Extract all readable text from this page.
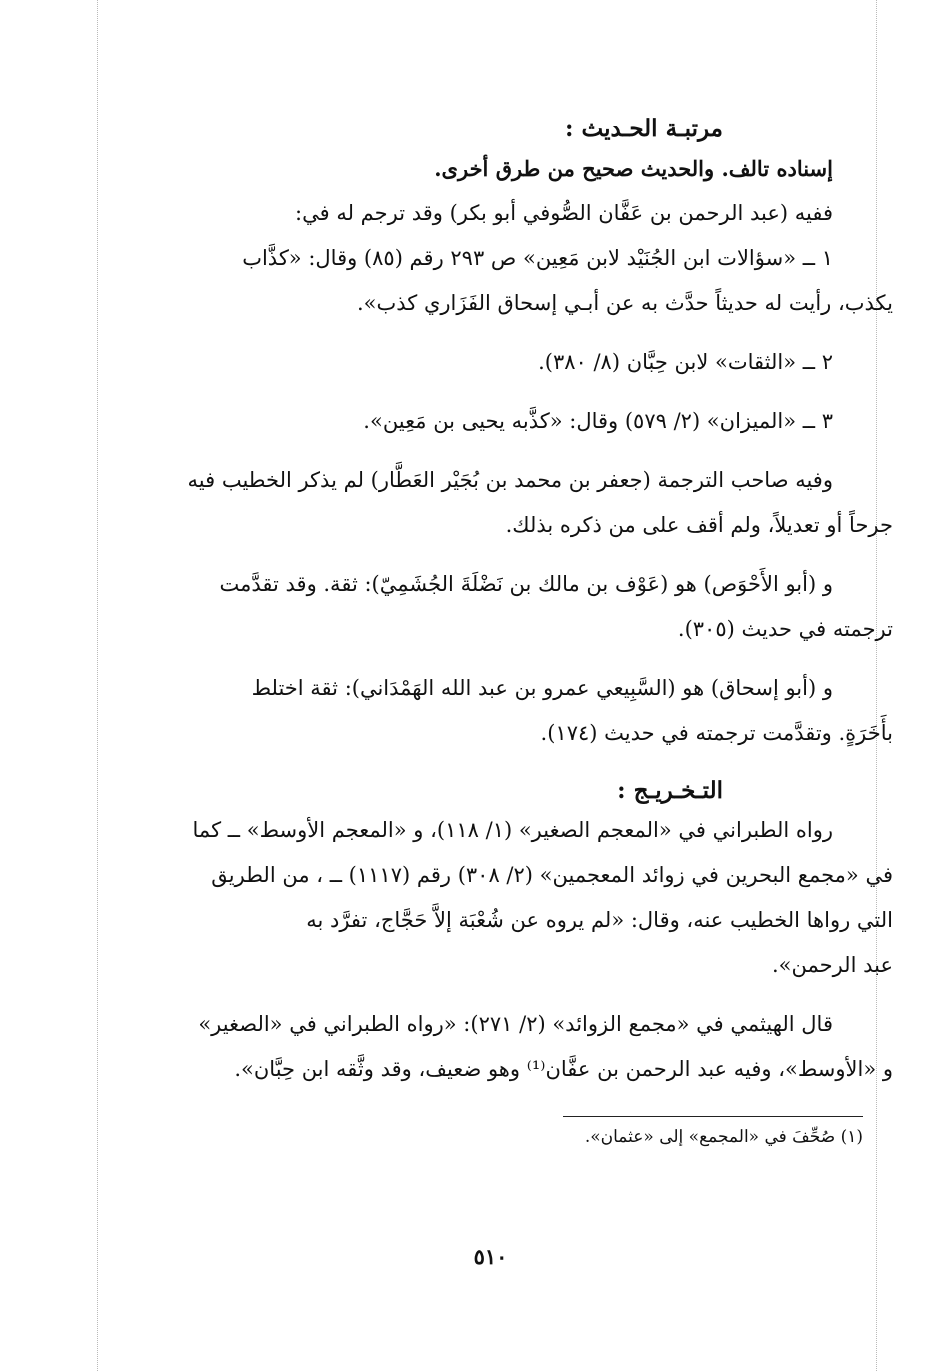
مرتبـة الحـديث :

إسناده تالف. والحديث صحيح من طرق أخرى.

ففيه (عبد الرحمن بن عَفَّان الصُّوفي أبو بكر) وقد ترجم له في:

١ ــ «سؤالات ابن الجُنَيْد لابن مَعِين» ص ٢٩٣ رقم (٨٥) وقال: «كذَّاب
يكذب، رأيت له حديثاً حدَّث به عن أبـي إسحاق الفَزَاري كذب».

٢ ــ «الثقات» لابن حِبَّان (٨/ ٣٨٠).

٣ ــ «الميزان» (٢/ ٥٧٩) وقال: «كذَّبه يحيى بن مَعِين».

وفيه صاحب الترجمة (جعفر بن محمد بن بُجَيْر العَطَّار) لم يذكر الخطيب فيه
جرحاً أو تعديلاً، ولم أقف على من ذكره بذلك.

و (أبو الأَحْوَص) هو (عَوْف بن مالك بن نَضْلَةَ الجُشَمِيّ): ثقة. وقد تقدَّمت
ترجمته في حديث (٣٠٥).

و (أبو إسحاق) هو (السَّبِيعي عمرو بن عبد الله الهَمْدَاني): ثقة اختلط
بأَخَرَةٍ. وتقدَّمت ترجمته في حديث (١٧٤).

التـخـريـج :

رواه الطبراني في «المعجم الصغير» (١/ ١١٨)، و «المعجم الأوسط» ــ كما
في «مجمع البحرين في زوائد المعجمين» (٢/ ٣٠٨) رقم (١١١٧) ــ ، من الطريق
التي رواها الخطيب عنه، وقال: «لم يروه عن شُعْبَة إلاَّ حَجَّاج، تفرَّد به
عبد الرحمن».

قال الهيثمي في «مجمع الزوائد» (٢/ ٢٧١): «رواه الطبراني في «الصغير»
و «الأوسط»، وفيه عبد الرحمن بن عفَّان⁽¹⁾ وهو ضعيف، وقد وثَّقه ابن حِبَّان».

(١) صُحِّفَ في «المجمع» إلى «عثمان».
٥١٠
